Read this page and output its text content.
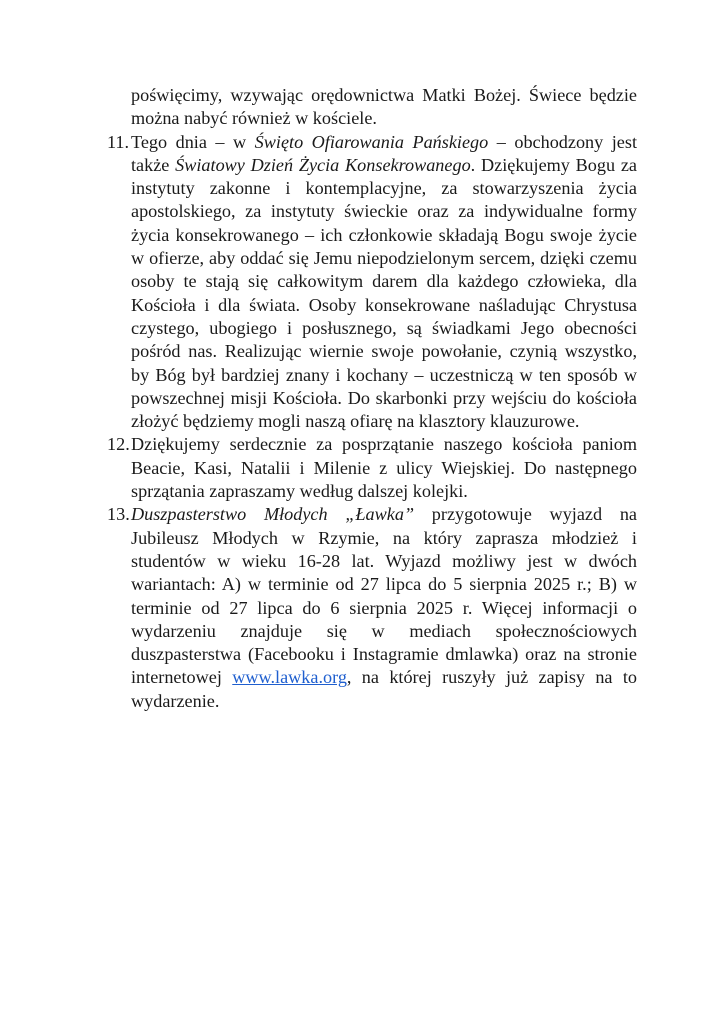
poświęcimy, wzywając orędownictwa Matki Bożej. Świece będzie można nabyć również w kościele.

11. Tego dnia – w Święto Ofiarowania Pańskiego – obchodzony jest także Światowy Dzień Życia Konsekrowanego. Dziękujemy Bogu za instytuty zakonne i kontemplacyjne, za stowarzyszenia życia apostolskiego, za instytuty świeckie oraz za indywidualne formy życia konsekrowanego – ich członkowie składają Bogu swoje życie w ofierze, aby oddać się Jemu niepodzielonym sercem, dzięki czemu osoby te stają się całkowitym darem dla każdego człowieka, dla Kościoła i dla świata. Osoby konsekrowane naśladując Chrystusa czystego, ubogiego i posłusznego, są świadkami Jego obecności pośród nas. Realizując wiernie swoje powołanie, czynią wszystko, by Bóg był bardziej znany i kochany – uczestniczą w ten sposób w powszechnej misji Kościoła. Do skarbonki przy wejściu do kościoła złożyć będziemy mogli naszą ofiarę na klasztory klauzurowe.
12. Dziękujemy serdecznie za posprzątanie naszego kościoła paniom Beacie, Kasi, Natalii i Milenie z ulicy Wiejskiej. Do następnego sprzątania zapraszamy według dalszej kolejki.
13. Duszpasterstwo Młodych „Ławka” przygotowuje wyjazd na Jubileusz Młodych w Rzymie, na który zaprasza młodzież i studentów w wieku 16-28 lat. Wyjazd możliwy jest w dwóch wariantach: A) w terminie od 27 lipca do 5 sierpnia 2025 r.; B) w terminie od 27 lipca do 6 sierpnia 2025 r. Więcej informacji o wydarzeniu znajduje się w mediach społecznościowych duszpasterstwa (Facebooku i Instagramie dmlawka) oraz na stronie internetowej www.lawka.org, na której ruszyły już zapisy na to wydarzenie.
